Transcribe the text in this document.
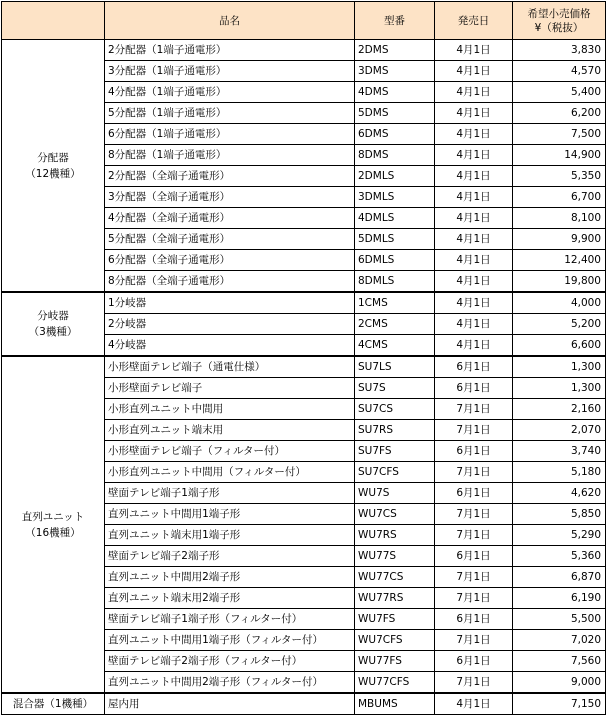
	品名	型番	発売日	希望小売価格
¥（税抜）

分配器
（12機種）	2分配器（1端子通電形）	2DMS	4月1日	3,830
	3分配器（1端子通電形）	3DMS	4月1日	4,570
	4分配器（1端子通電形）	4DMS	4月1日	5,400
	5分配器（1端子通電形）	5DMS	4月1日	6,200
	6分配器（1端子通電形）	6DMS	4月1日	7,500
	8分配器（1端子通電形）	8DMS	4月1日	14,900
	2分配器（全端子通電形）	2DMLS	4月1日	5,350
	3分配器（全端子通電形）	3DMLS	4月1日	6,700
	4分配器（全端子通電形）	4DMLS	4月1日	8,100
	5分配器（全端子通電形）	5DMLS	4月1日	9,900
	6分配器（全端子通電形）	6DMLS	4月1日	12,400
	8分配器（全端子通電形）	8DMLS	4月1日	19,800

分岐器
（3機種）	1分岐器	1CMS	4月1日	4,000
	2分岐器	2CMS	4月1日	5,200
	4分岐器	4CMS	4月1日	6,600

直列ユニット
（16機種）	小形壁面テレビ端子（通電仕様）	SU7LS	6月1日	1,300
	小形壁面テレビ端子	SU7S	6月1日	1,300
	小形直列ユニット中間用	SU7CS	7月1日	2,160
	小形直列ユニット端末用	SU7RS	7月1日	2,070
	小形壁面テレビ端子（フィルター付）	SU7FS	6月1日	3,740
	小形直列ユニット中間用（フィルター付）	SU7CFS	7月1日	5,180
	壁面テレビ端子1端子形	WU7S	6月1日	4,620
	直列ユニット中間用1端子形	WU7CS	7月1日	5,850
	直列ユニット端末用1端子形	WU7RS	7月1日	5,290
	壁面テレビ端子2端子形	WU77S	6月1日	5,360
	直列ユニット中間用2端子形	WU77CS	7月1日	6,870
	直列ユニット端末用2端子形	WU77RS	7月1日	6,190
	壁面テレビ端子1端子形（フィルター付）	WU7FS	6月1日	5,500
	直列ユニット中間用1端子形（フィルター付）	WU7CFS	7月1日	7,020
	壁面テレビ端子2端子形（フィルター付）	WU77FS	6月1日	7,560
	直列ユニット中間用2端子形（フィルター付）	WU77CFS	7月1日	9,000

混合器（1機種）	屋内用	MBUMS	4月1日	7,150
